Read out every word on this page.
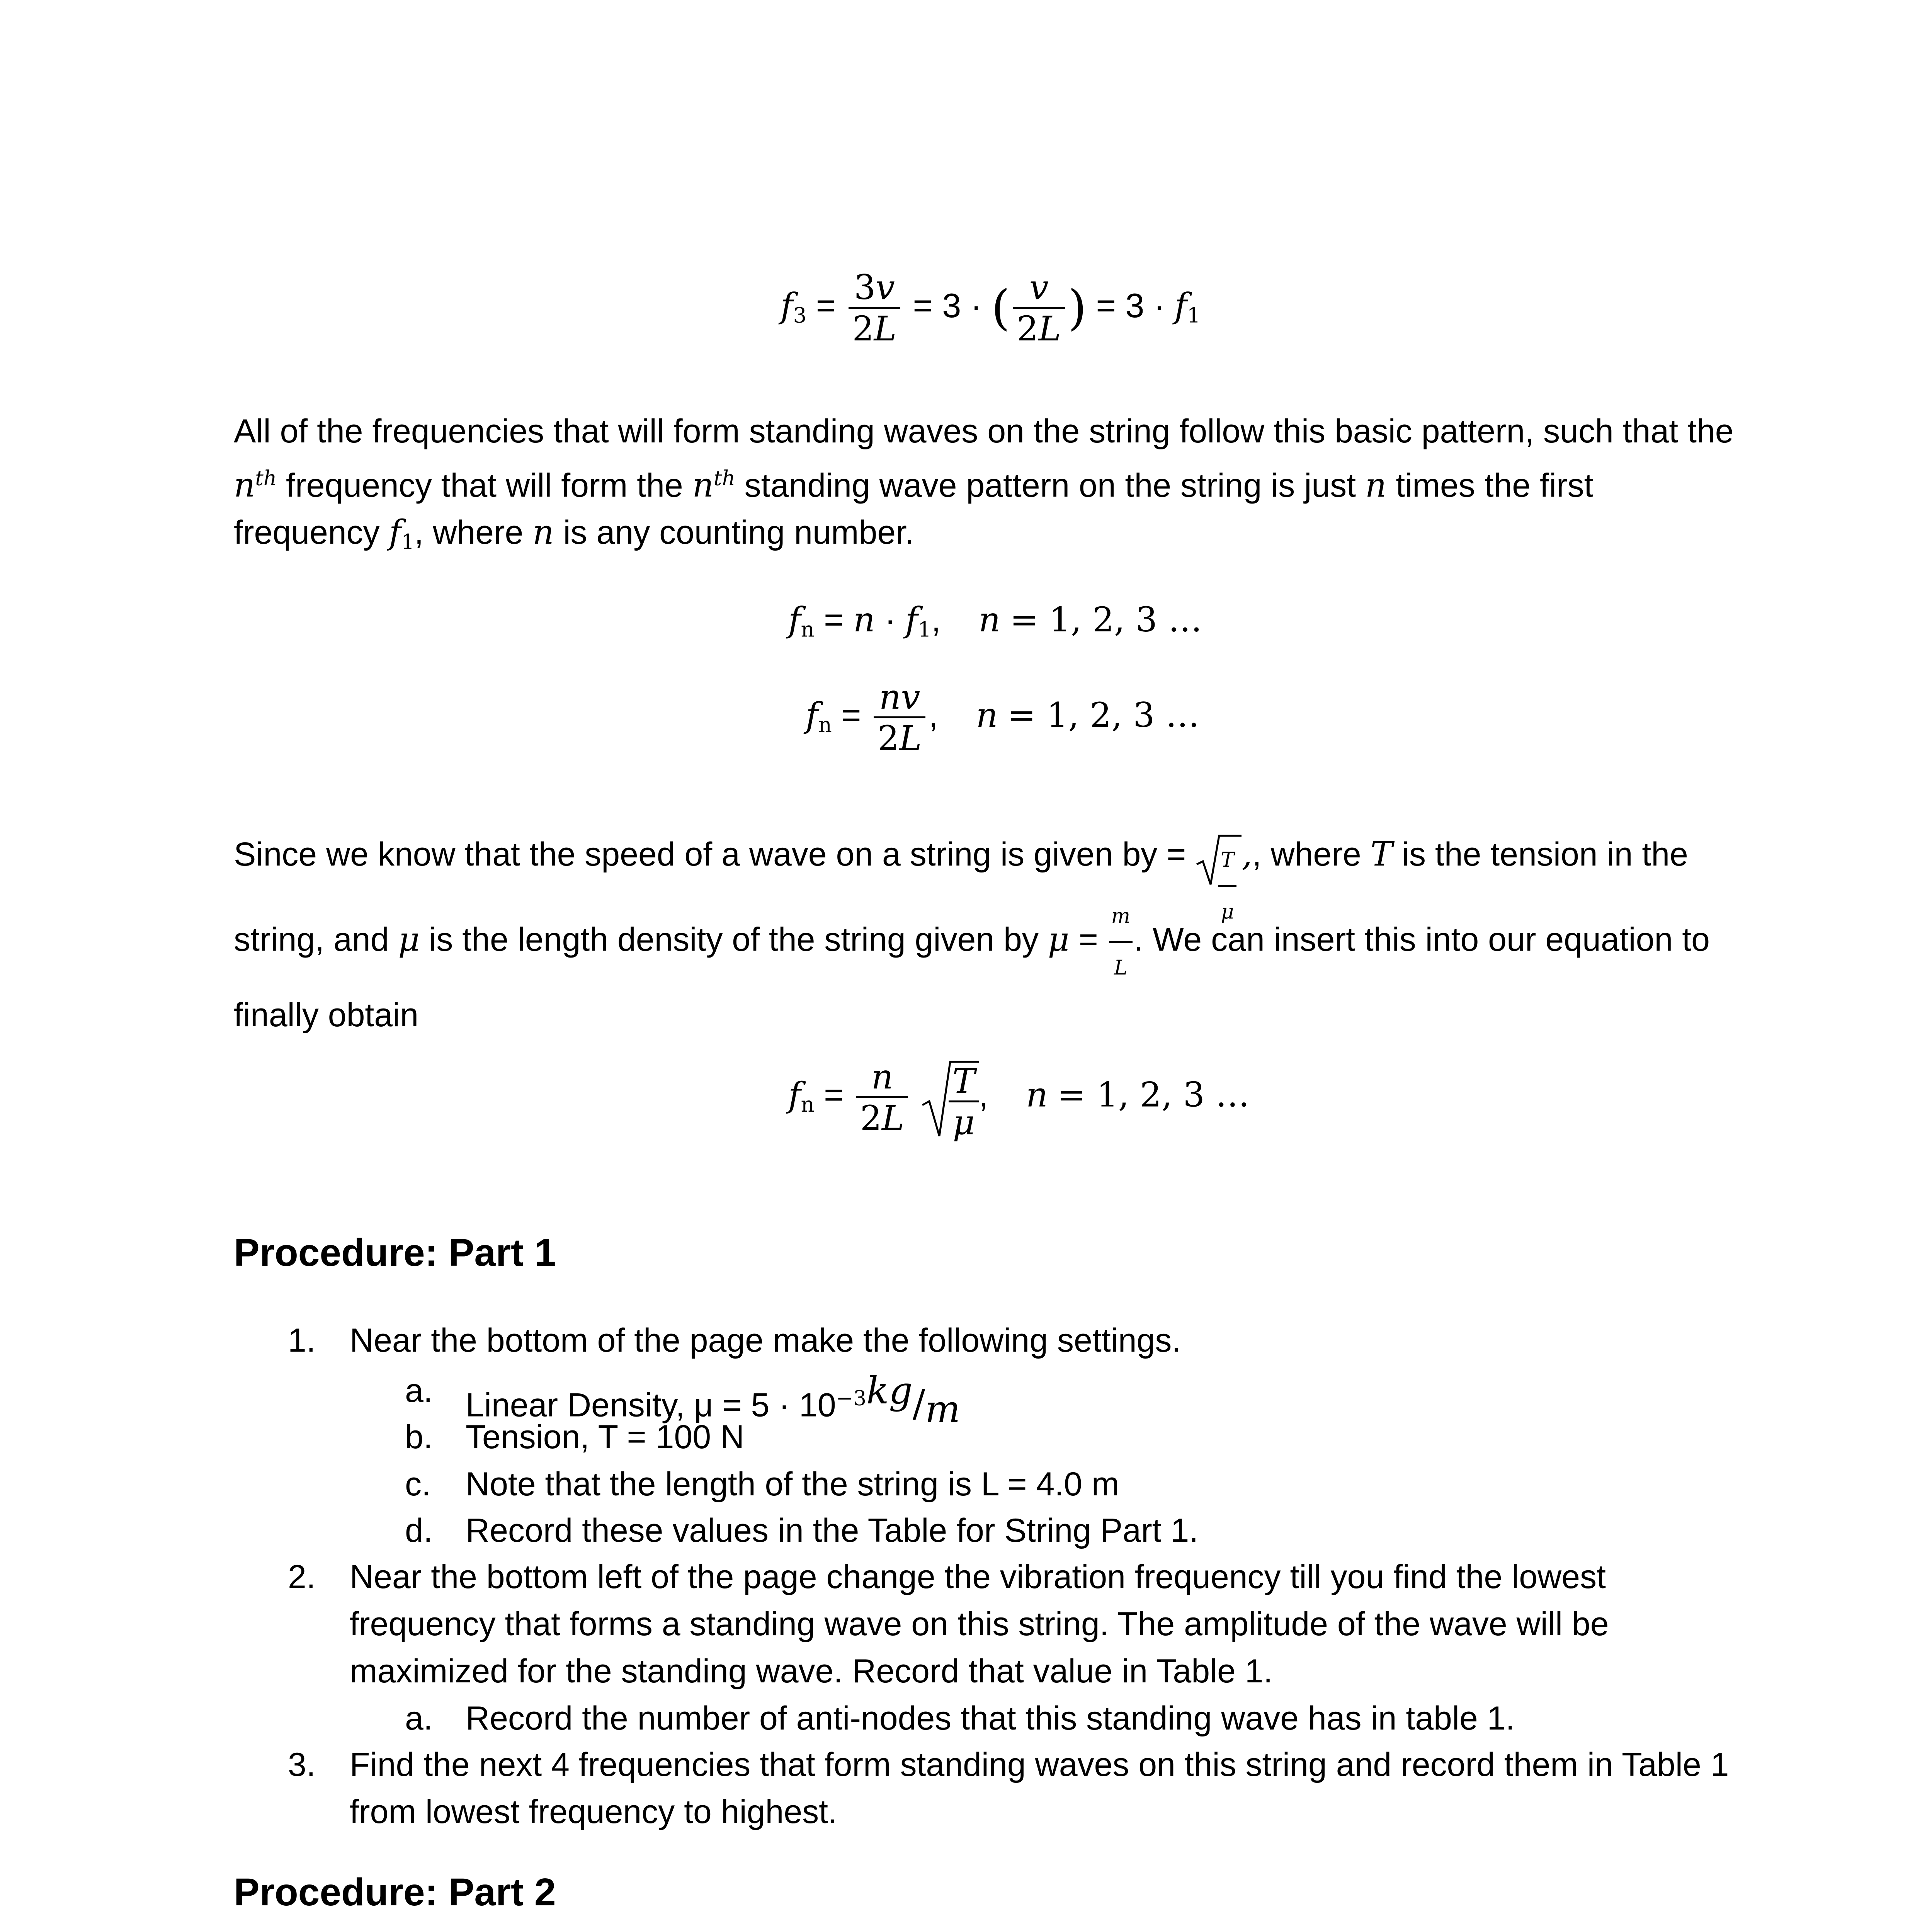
$f_3 = \frac{3v}{2L} = 3$ · ( $\frac{v}{2L}$ ) = $3 \cdot f_1$
All of the frequencies that will form standing waves on the string follow this basic pattern, such that the
$n^{th}$ frequency that will form the $n^{th}$ standing wave pattern on the string is just n times the first
frequency $f_1$, where n is any counting number.
$f_n = n \cdot f_1$,    n = 1, 2, 3 …
$f_n = \frac{nv}{2L}$ ,    n = 1, 2, 3 …
Since we know that the speed of a wave on a string is given by = $\frac{T}{\mu}$ ,, where T is the tension in the
string, and μ is the length density of the string given by $\mu = \frac{m}{L}$ . We can insert this into our equation to
finally obtain
$f_n = \frac{n}{2L}$
$\frac{T}{\mu}$ ,    n = 1, 2, 3 …
Procedure: Part 1
1. Near the bottom of the page make the following settings.
a. Linear Density, $\mu = 5 \cdot 10^{-3}kg/m$
b. Tension, T = 100 N
c. Note that the length of the string is L = 4.0 m
d. Record these values in the Table for String Part 1.
2. Near the bottom left of the page change the vibration frequency till you find the lowest
frequency that forms a standing wave on this string. The amplitude of the wave will be
maximized for the standing wave. Record that value in Table 1.
a. Record the number of anti-nodes that this standing wave has in table 1.
3. Find the next 4 frequencies that form standing waves on this string and record them in Table 1
from lowest frequency to highest.
Procedure: Part 2
